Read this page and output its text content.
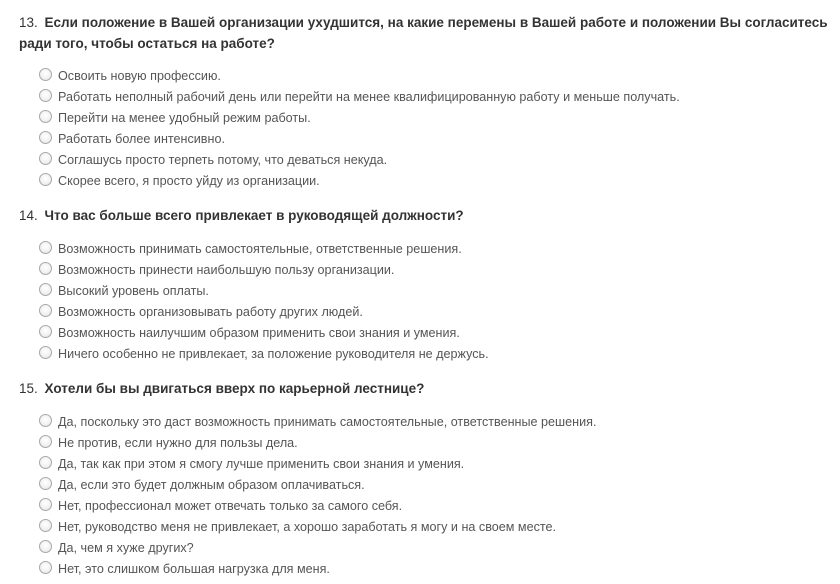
13. Если положение в Вашей организации ухудшится, на какие перемены в Вашей работе и положении Вы согласитесь ради того, чтобы остаться на работе?

Освоить новую профессию.
Работать неполный рабочий день или перейти на менее квалифицированную работу и меньше получать.
Перейти на менее удобный режим работы.
Работать более интенсивно.
Соглашусь просто терпеть потому, что деваться некуда.
Скорее всего, я просто уйду из организации.

14. Что вас больше всего привлекает в руководящей должности?

Возможность принимать самостоятельные, ответственные решения.
Возможность принести наибольшую пользу организации.
Высокий уровень оплаты.
Возможность организовывать работу других людей.
Возможность наилучшим образом применить свои знания и умения.
Ничего особенно не привлекает, за положение руководителя не держусь.

15. Хотели бы вы двигаться вверх по карьерной лестнице?

Да, поскольку это даст возможность принимать самостоятельные, ответственные решения.
Не против, если нужно для пользы дела.
Да, так как при этом я смогу лучше применить свои знания и умения.
Да, если это будет должным образом оплачиваться.
Нет, профессионал может отвечать только за самого себя.
Нет, руководство меня не привлекает, а хорошо заработать я могу и на своем месте.
Да, чем я хуже других?
Нет, это слишком большая нагрузка для меня.
